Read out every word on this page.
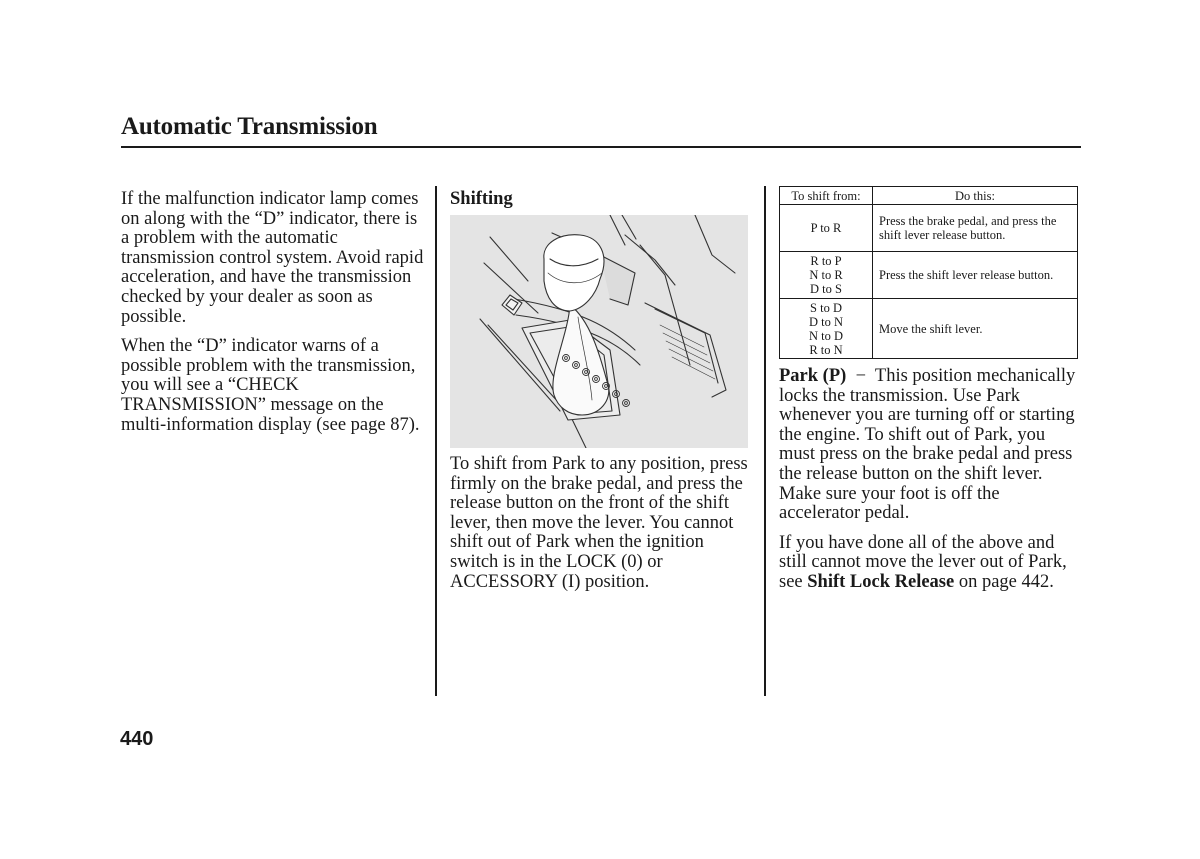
Automatic Transmission

If the malfunction indicator lamp comes on along with the “D” indicator, there is a problem with the automatic transmission control system. Avoid rapid acceleration, and have the transmission checked by your dealer as soon as possible.

When the “D” indicator warns of a possible problem with the transmission, you will see a “CHECK TRANSMISSION” message on the multi-information display (see page 87).

Shifting

To shift from Park to any position, press firmly on the brake pedal, and press the release button on the front of the shift lever, then move the lever. You cannot shift out of Park when the ignition switch is in the LOCK (0) or ACCESSORY (I) position.

To shift from:	Do this:

P to R	Press the brake pedal, and press the shift lever release button.

R to P
N to R
D to S	Press the shift lever release button.

S to D
D to N
N to D
R to N	Move the shift lever.

Park (P) − This position mechanically locks the transmission. Use Park whenever you are turning off or starting the engine. To shift out of Park, you must press on the brake pedal and press the release button on the shift lever. Make sure your foot is off the accelerator pedal.

If you have done all of the above and still cannot move the lever out of Park, see Shift Lock Release on page 442.

440
